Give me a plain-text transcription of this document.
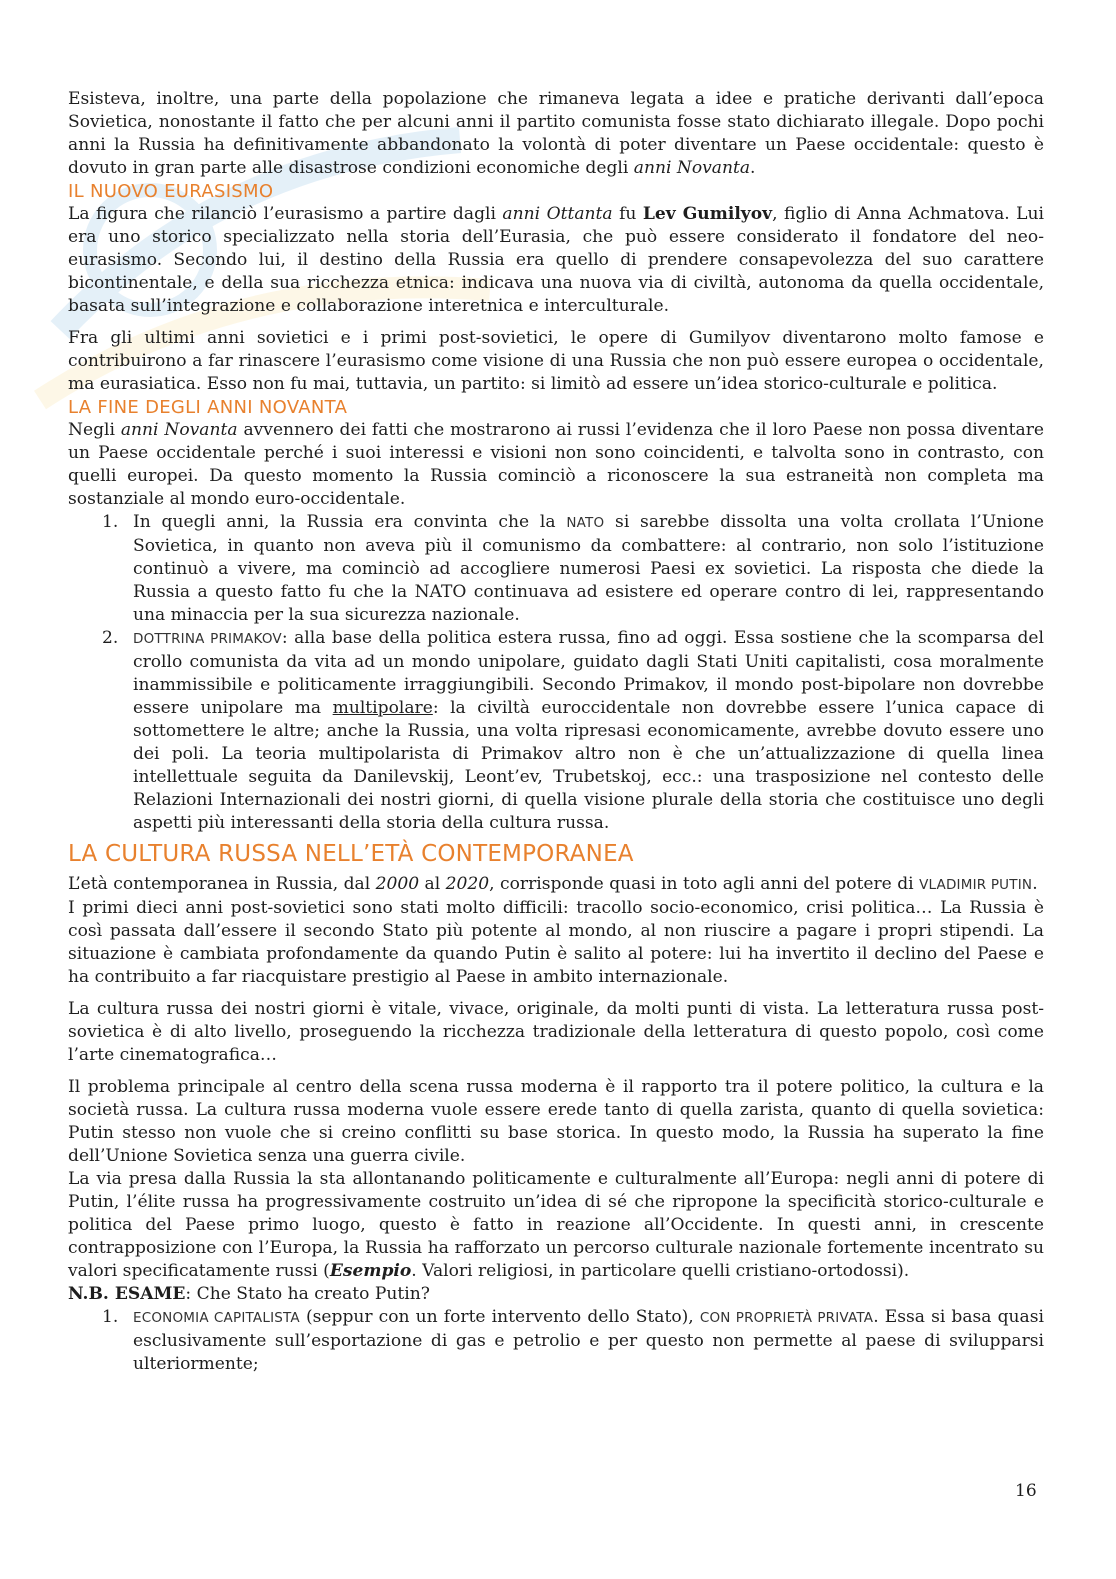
Esisteva, inoltre, una parte della popolazione che rimaneva legata a idee e pratiche derivanti dall’epoca Sovietica, nonostante il fatto che per alcuni anni il partito comunista fosse stato dichiarato illegale. Dopo pochi anni la Russia ha definitivamente abbandonato la volontà di poter diventare un Paese occidentale: questo è dovuto in gran parte alle disastrose condizioni economiche degli anni Novanta.

IL NUOVO EURASISMO

La figura che rilanciò l’eurasismo a partire dagli anni Ottanta fu Lev Gumilyov, figlio di Anna Achmatova. Lui era uno storico specializzato nella storia dell’Eurasia, che può essere considerato il fondatore del neo-eurasismo. Secondo lui, il destino della Russia era quello di prendere consapevolezza del suo carattere bicontinentale, e della sua ricchezza etnica: indicava una nuova via di civiltà, autonoma da quella occidentale, basata sull’integrazione e collaborazione interetnica e interculturale.

Fra gli ultimi anni sovietici e i primi post-sovietici, le opere di Gumilyov diventarono molto famose e contribuirono a far rinascere l’eurasismo come visione di una Russia che non può essere europea o occidentale, ma eurasiatica. Esso non fu mai, tuttavia, un partito: si limitò ad essere un’idea storico-culturale e politica.

LA FINE DEGLI ANNI NOVANTA

Negli anni Novanta avvennero dei fatti che mostrarono ai russi l’evidenza che il loro Paese non possa diventare un Paese occidentale perché i suoi interessi e visioni non sono coincidenti, e talvolta sono in contrasto, con quelli europei. Da questo momento la Russia cominciò a riconoscere la sua estraneità non completa ma sostanziale al mondo euro-occidentale.

1. In quegli anni, la Russia era convinta che la NATO si sarebbe dissolta una volta crollata l’Unione Sovietica, in quanto non aveva più il comunismo da combattere: al contrario, non solo l’istituzione continuò a vivere, ma cominciò ad accogliere numerosi Paesi ex sovietici. La risposta che diede la Russia a questo fatto fu che la NATO continuava ad esistere ed operare contro di lei, rappresentando una minaccia per la sua sicurezza nazionale.
2. DOTTRINA PRIMAKOV: alla base della politica estera russa, fino ad oggi. Essa sostiene che la scomparsa del crollo comunista da vita ad un mondo unipolare, guidato dagli Stati Uniti capitalisti, cosa moralmente inammissibile e politicamente irraggiungibili. Secondo Primakov, il mondo post-bipolare non dovrebbe essere unipolare ma multipolare: la civiltà euroccidentale non dovrebbe essere l’unica capace di sottomettere le altre; anche la Russia, una volta ripresasi economicamente, avrebbe dovuto essere uno dei poli. La teoria multipolarista di Primakov altro non è che un’attualizzazione di quella linea intellettuale seguita da Danilevskij, Leont’ev, Trubetskoj, ecc.: una trasposizione nel contesto delle Relazioni Internazionali dei nostri giorni, di quella visione plurale della storia che costituisce uno degli aspetti più interessanti della storia della cultura russa.
LA CULTURA RUSSA NELL’ETÀ CONTEMPORANEA

L’età contemporanea in Russia, dal 2000 al 2020, corrisponde quasi in toto agli anni del potere di VLADIMIR PUTIN.

I primi dieci anni post-sovietici sono stati molto difficili: tracollo socio-economico, crisi politica… La Russia è così passata dall’essere il secondo Stato più potente al mondo, al non riuscire a pagare i propri stipendi. La situazione è cambiata profondamente da quando Putin è salito al potere: lui ha invertito il declino del Paese e ha contribuito a far riacquistare prestigio al Paese in ambito internazionale.

La cultura russa dei nostri giorni è vitale, vivace, originale, da molti punti di vista. La letteratura russa post-sovietica è di alto livello, proseguendo la ricchezza tradizionale della letteratura di questo popolo, così come l’arte cinematografica…

Il problema principale al centro della scena russa moderna è il rapporto tra il potere politico, la cultura e la società russa. La cultura russa moderna vuole essere erede tanto di quella zarista, quanto di quella sovietica: Putin stesso non vuole che si creino conflitti su base storica. In questo modo, la Russia ha superato la fine dell’Unione Sovietica senza una guerra civile.

La via presa dalla Russia la sta allontanando politicamente e culturalmente all’Europa: negli anni di potere di Putin, l’élite russa ha progressivamente costruito un’idea di sé che ripropone la specificità storico-culturale e politica del Paese primo luogo, questo è fatto in reazione all’Occidente. In questi anni, in crescente contrapposizione con l’Europa, la Russia ha rafforzato un percorso culturale nazionale fortemente incentrato su valori specificatamente russi (Esempio. Valori religiosi, in particolare quelli cristiano-ortodossi).

N.B. ESAME: Che Stato ha creato Putin?

1. ECONOMIA CAPITALISTA (seppur con un forte intervento dello Stato), CON PROPRIETÀ PRIVATA. Essa si basa quasi esclusivamente sull’esportazione di gas e petrolio e per questo non permette al paese di svilupparsi ulteriormente;
16
